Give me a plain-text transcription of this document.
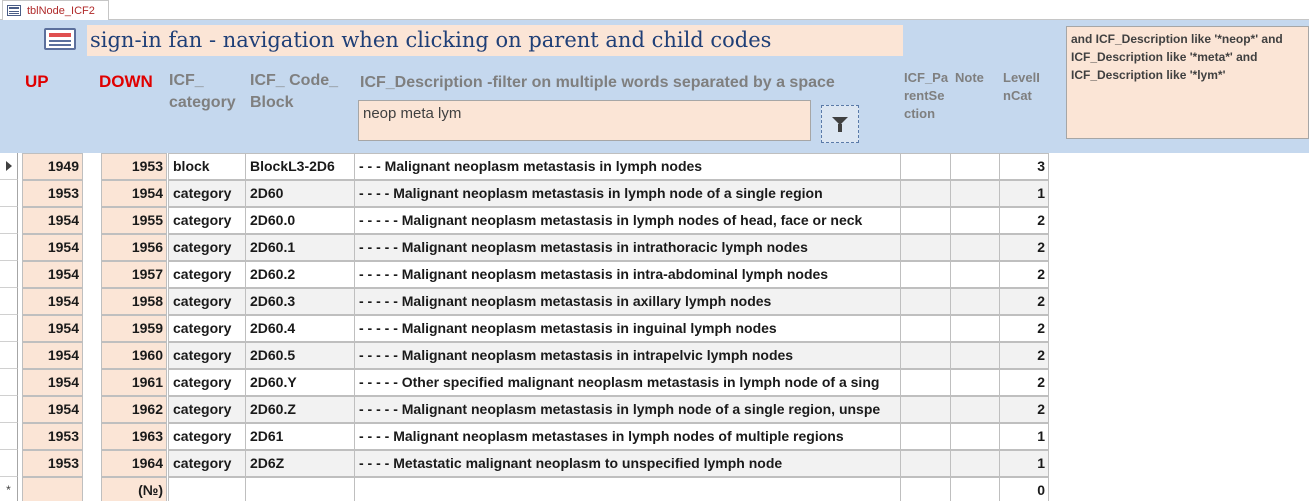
tblNode_ICF2
sign-in fan - navigation when clicking on parent and child codes
UP	DOWN ICF_ category
ICF_ Code_ Block
ICF_Description -filter on multiple words separated by a space	ICF_Pa rentSe ction
Note	LevelI nCat
neop meta lym
and ICF_Description like '*neop*' and ICF_Description like '*meta*' and ICF_Description like '*lym*'
1949	1953 block	BlockL3-2D6	- - - Malignant neoplasm metastasis in lymph nodes	3
1953	1954 category	2D60	- - - - Malignant neoplasm metastasis in lymph node of a single region	1
1954	1955 category	2D60.0	- - - - - Malignant neoplasm metastasis in lymph nodes of head, face or neck	2
1954	1956 category	2D60.1	- - - - - Malignant neoplasm metastasis in intrathoracic lymph nodes	2
1954	1957 category	2D60.2	- - - - - Malignant neoplasm metastasis in intra-abdominal lymph nodes	2
1954	1958 category	2D60.3	- - - - - Malignant neoplasm metastasis in axillary lymph nodes	2
1954	1959 category	2D60.4	- - - - - Malignant neoplasm metastasis in inguinal lymph nodes	2
1954	1960 category	2D60.5	- - - - - Malignant neoplasm metastasis in intrapelvic lymph nodes	2
1954	1961 category	2D60.Y	- - - - - Other specified malignant neoplasm metastasis in lymph node of a sing	2
1954	1962 category	2D60.Z	- - - - - Malignant neoplasm metastasis in lymph node of a single region, unspe	2
1953	1963 category	2D61	- - - - Malignant neoplasm metastases in lymph nodes of multiple regions	1
1953	1964 category	2D6Z	- - - - Metastatic malignant neoplasm to unspecified lymph node	1
*	(№)	0
